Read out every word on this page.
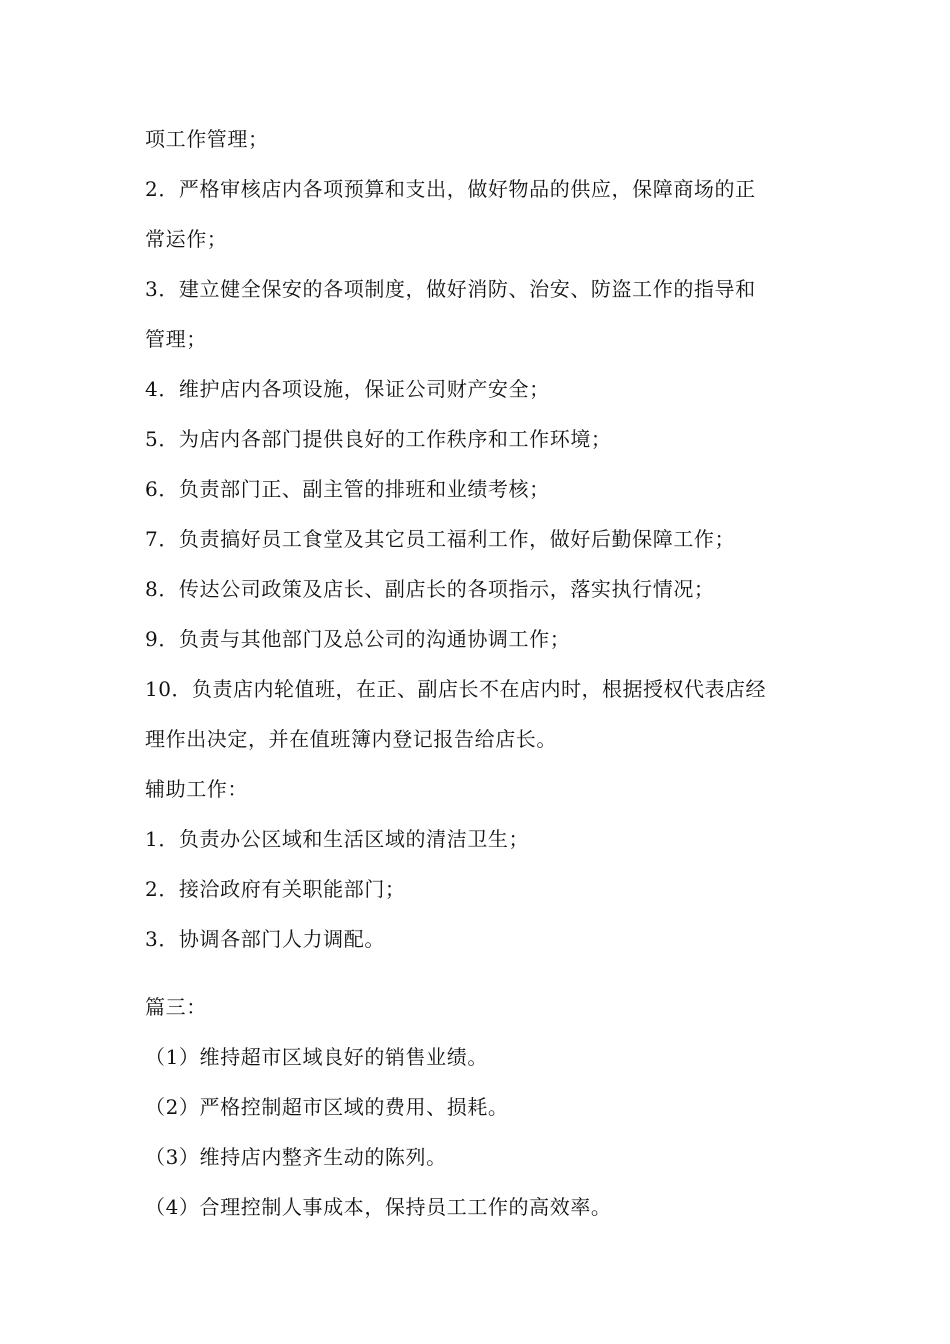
项工作管理；
2．严格审核店内各项预算和支出，做好物品的供应，保障商场的正
常运作；
3．建立健全保安的各项制度，做好消防、治安、防盗工作的指导和
管理；
4．维护店内各项设施，保证公司财产安全；
5．为店内各部门提供良好的工作秩序和工作环境；
6．负责部门正、副主管的排班和业绩考核；
7．负责搞好员工食堂及其它员工福利工作，做好后勤保障工作；
8．传达公司政策及店长、副店长的各项指示，落实执行情况；
9．负责与其他部门及总公司的沟通协调工作；
10．负责店内轮值班，在正、副店长不在店内时，根据授权代表店经
理作出决定，并在值班簿内登记报告给店长。
辅助工作：
1．负责办公区域和生活区域的清洁卫生；
2．接洽政府有关职能部门；
3．协调各部门人力调配。
篇三：
（1）维持超市区域良好的销售业绩。
（2）严格控制超市区域的费用、损耗。
（3）维持店内整齐生动的陈列。
（4）合理控制人事成本，保持员工工作的高效率。
